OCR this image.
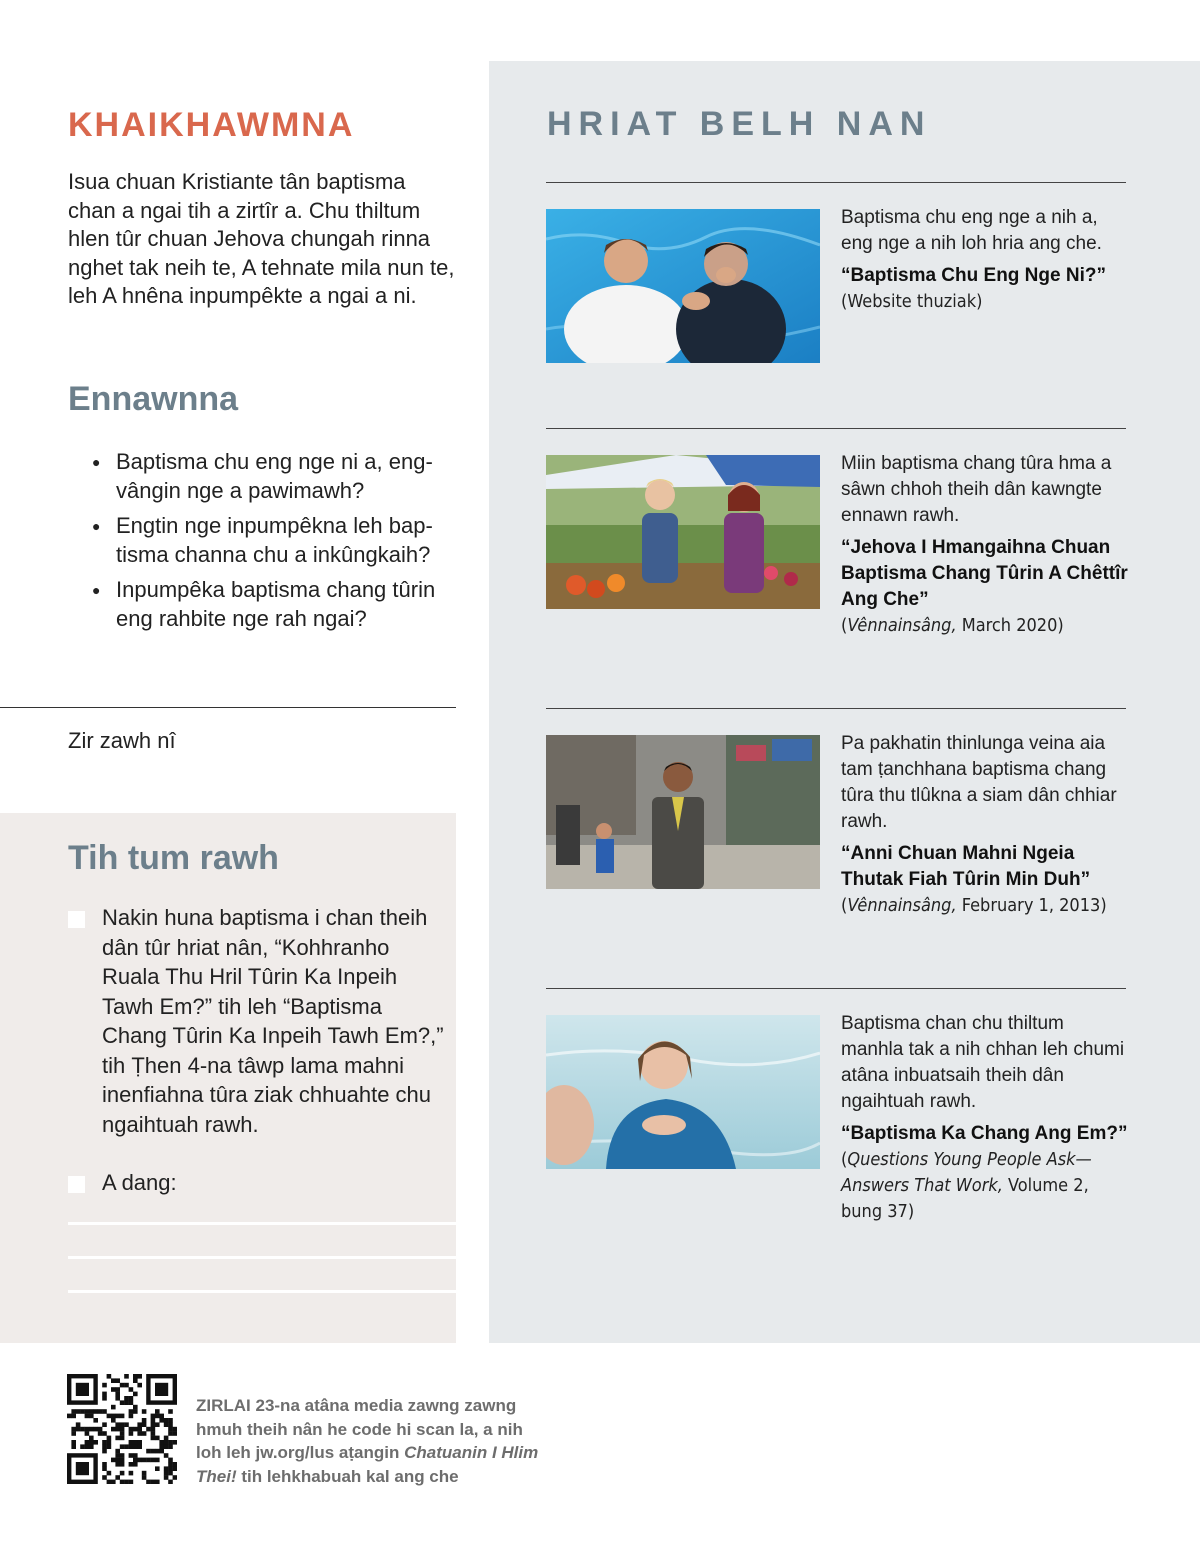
KHAIKHAWMNA

Isua chuan Kristiante tân baptisma chan a ngai tih a zirtîr a. Chu thiltum hlen tûr chuan Jehova chungah rinna nghet tak neih te, A tehnate mila nun te, leh A hnêna inpumpêkte a ngai a ni.

Ennawnna
● Baptisma chu eng nge ni a, eng-vângin nge a pawimawh?
● Engtin nge inpumpêkna leh bap-tisma channa chu a inkûngkaih?
● Inpumpêka baptisma chang tûrin eng rahbite nge rah ngai?
Zir zawh nî
Tih tum rawh
Nakin huna baptisma i chan theih dân tûr hriat nân, “Kohhranho Ruala Thu Hril Tûrin Ka Inpeih Tawh Em?” tih leh “Baptisma Chang Tûrin Ka Inpeih Tawh Em?,” tih Ṭhen 4-na tâwp lama mahni inenfiahna tûra ziak chhuahte chu ngaihtuah rawh.
A dang:
HRIAT BELH NAN
Baptisma chu eng nge a nih a, eng nge a nih loh hria ang che.
“Baptisma Chu Eng Nge Ni?”
(Website thuziak)
Miin baptisma chang tûra hma a sâwn chhoh theih dân kawngte ennawn rawh.
“Jehova I Hmangaihna Chuan Baptisma Chang Tûrin A Chêttîr Ang Che”
(Vênnainsâng, March 2020)
Pa pakhatin thinlunga veina aia tam ṭanchhana baptisma chang tûra thu tlûkna a siam dân chhiar rawh.
“Anni Chuan Mahni Ngeia Thutak Fiah Tûrin Min Duh”
(Vênnainsâng, February 1, 2013)
Baptisma chan chu thiltum manhla tak a nih chhan leh chumi atâna inbuatsaih theih dân ngaihtuah rawh.
“Baptisma Ka Chang Ang Em?” (Questions Young People Ask—Answers That Work, Volume 2, bung 37)

ZIRLAI 23-na atâna media zawng zawng hmuh theih nân he code hi scan la, a nih loh leh jw.org/lus aṭangin Chatuanin I Hlim Thei! tih lehkhabuah kal ang che
